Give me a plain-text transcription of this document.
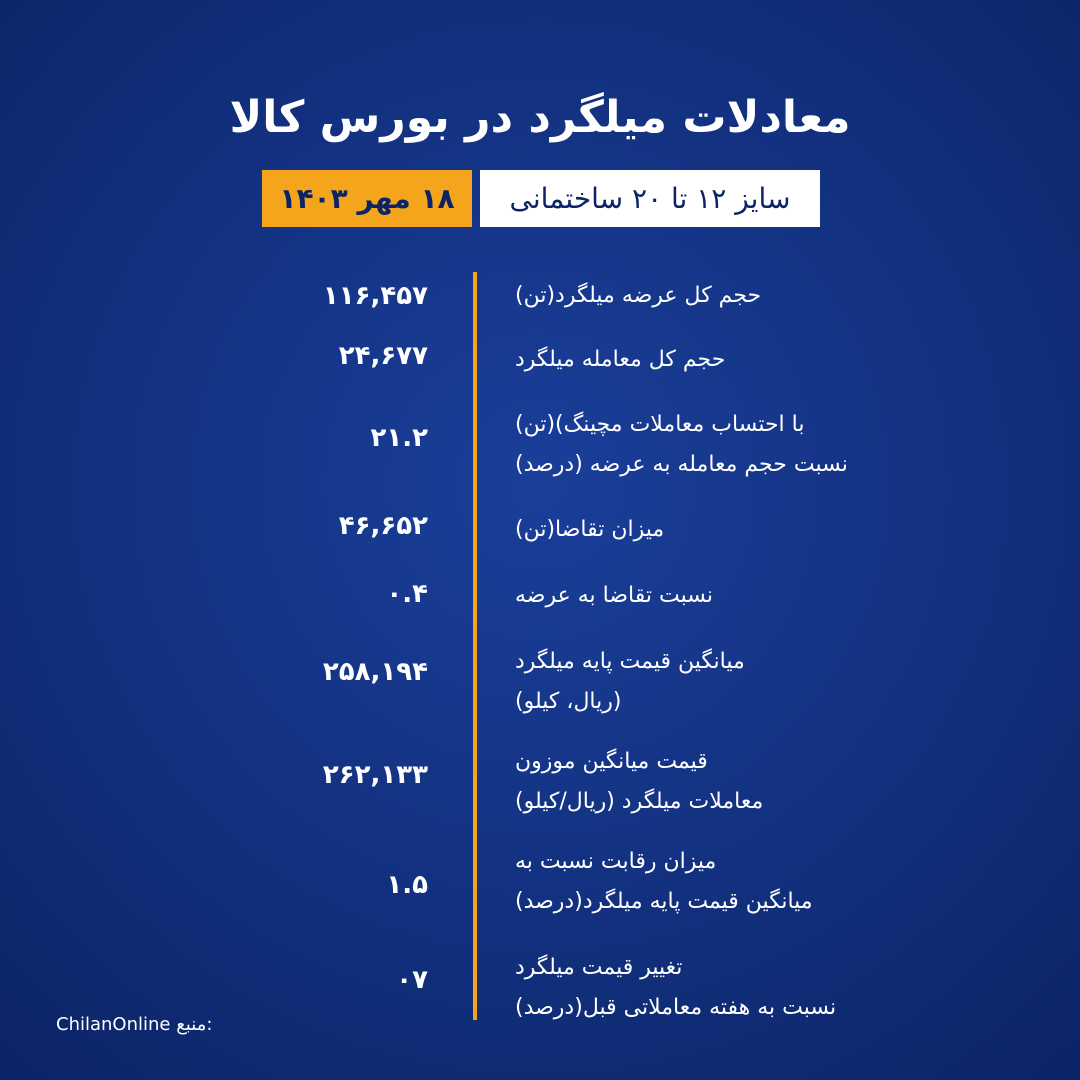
معادلات میلگرد در بورس کالا
۱۸ مهر ۱۴۰۳	سایز ۱۲ تا ۲۰ ساختمانی
حجم کل عرضه میلگرد(تن)
۱۱۶,۴۵۷
حجم کل معامله میلگرد
۲۴,۶۷۷
با احتساب معاملات مچینگ)(تن)
نسبت حجم معامله به عرضه (درصد)
۲۱.۲
میزان تقاضا(تن)
۴۶,۶۵۲
نسبت تقاضا به عرضه
۰.۴
میانگین قیمت پایه میلگرد
(ریال، کیلو)
۲۵۸,۱۹۴
قیمت میانگین موزون
معاملات میلگرد (ریال/کیلو)
۲۶۲,۱۳۳
میزان رقابت نسبت به
میانگین قیمت پایه میلگرد(درصد)
۱.۵
تغییر قیمت میلگرد
نسبت به هفته معاملاتی قبل(درصد)
۰۷
ChilanOnline منبع:
